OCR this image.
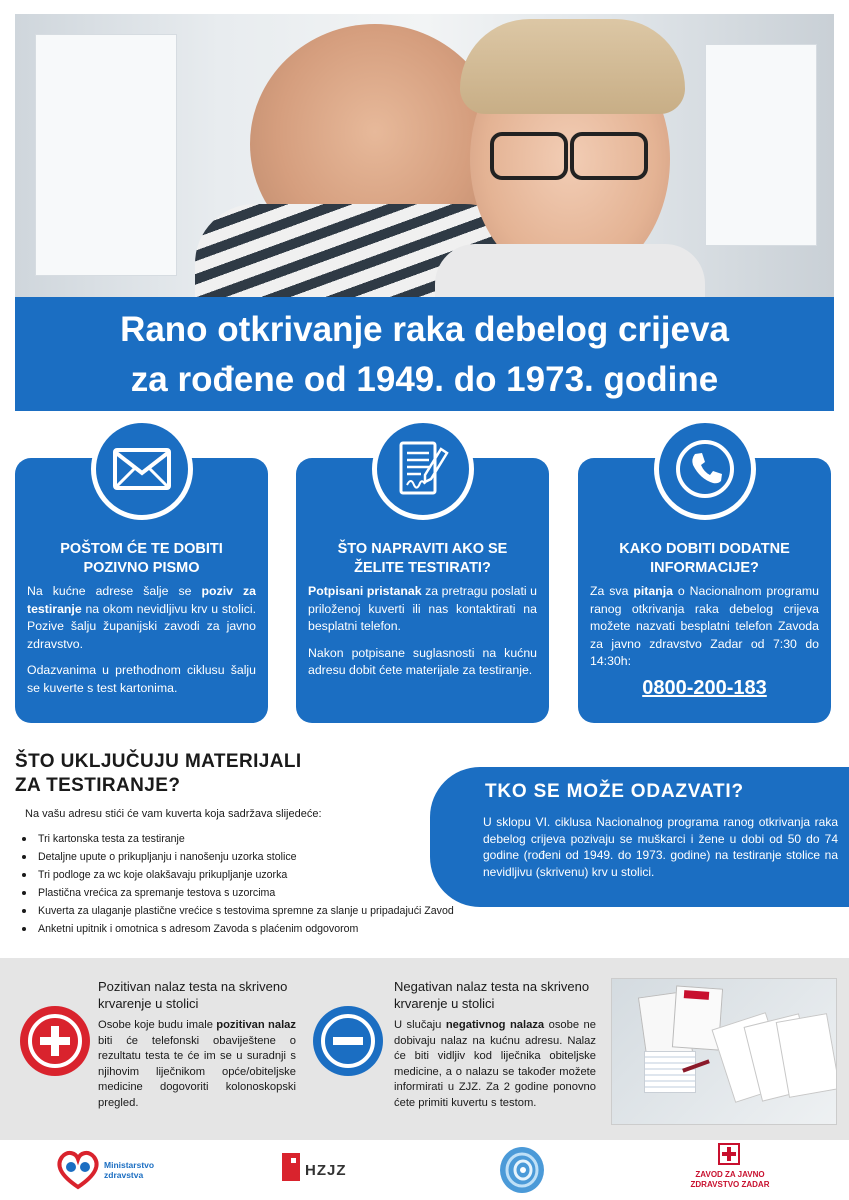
Rano otkrivanje raka debelog crijeva
za rođene od 1949. do 1973. godine
POŠTOM ĆE TE DOBITI
POZIVNO PISMO

Na kućne adrese šalje se poziv za testiranje na okom nevidljivu krv u stolici. Pozive šalju županijski zavodi za javno zdravstvo.

Odazvanima u prethodnom ciklusu šalju se kuverte s test kartonima.

ŠTO NAPRAVITI AKO SE
ŽELITE TESTIRATI?

Potpisani pristanak za pretragu poslati u priloženoj kuverti ili nas kontaktirati na besplatni telefon.

Nakon potpisane suglasnosti na kućnu adresu dobit ćete materijale za testiranje.

KAKO DOBITI DODATNE
INFORMACIJE?

Za sva pitanja o Nacionalnom programu ranog otkrivanja raka debelog crijeva možete nazvati besplatni telefon Zavoda za javno zdravstvo Zadar od 7:30 do 14:30h:

0800-200-183
ŠTO UKLJUČUJU MATERIJALI
ZA TESTIRANJE?
Na vašu adresu stići će vam kuverta koja sadržava slijedeće:
Tri kartonska testa za testiranje
Detaljne upute o prikupljanju i nanošenju uzorka stolice
Tri podloge za wc koje olakšavaju prikupljanje uzorka
Plastična vrećica za spremanje testova s uzorcima
Kuverta za ulaganje plastične vrećice s testovima spremne za slanje u pripadajući Zavod
Anketni upitnik i omotnica s adresom Zavoda s plaćenim odgovorom
TKO SE MOŽE ODAZVATI?

U sklopu VI. ciklusa Nacionalnog programa ranog otkrivanja raka debelog crijeva pozivaju se muškarci i žene u dobi od 50 do 74 godine (rođeni od 1949. do 1973. godine) na testiranje stolice na nevidljivu (skrivenu) krv u stolici.

Pozitivan nalaz testa na skriveno
krvarenje u stolici
Osobe koje budu imale pozitivan nalaz biti će telefonski obaviještene o rezultatu testa te će im se u suradnji s njihovim liječnikom opće/obiteljske medicine dogovoriti kolonoskopski pregled.
Negativan nalaz testa na skriveno
krvarenje u stolici
U slučaju negativnog nalaza osobe ne dobivaju nalaz na kućnu adresu. Nalaz će biti vidljiv kod liječnika obiteljske medicine, a o nalazu se također možete informirati u ZJZ. Za 2 godine ponovno ćete primiti kuvertu s testom.
Ministarstvo
zdravstva	HZJZ	ZAVOD ZA JAVNO
ZDRAVSTVO ZADAR
